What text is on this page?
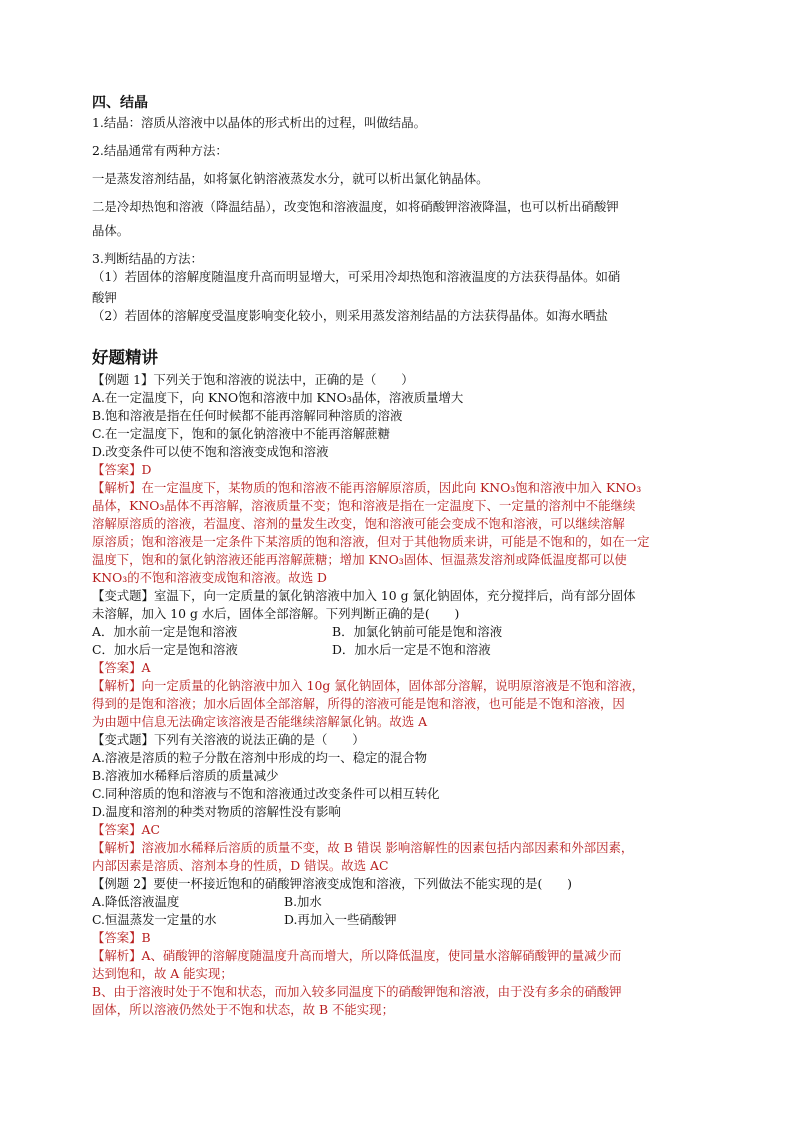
四、结晶

1.结晶：溶质从溶液中以晶体的形式析出的过程，叫做结晶。

2.结晶通常有两种方法：

一是蒸发溶剂结晶，如将氯化钠溶液蒸发水分，就可以析出氯化钠晶体。

二是冷却热饱和溶液（降温结晶），改变饱和溶液温度，如将硝酸钾溶液降温，也可以析出硝酸钾

晶体。

3.判断结晶的方法：

（1）若固体的溶解度随温度升高而明显增大，可采用冷却热饱和溶液温度的方法获得晶体。如硝

酸钾

（2）若固体的溶解度受温度影响变化较小，则采用蒸发溶剂结晶的方法获得晶体。如海水晒盐

好题精讲

【例题 1】下列关于饱和溶液的说法中，正确的是（　　）

A.在一定温度下，向 KNO饱和溶液中加 KNO₃晶体，溶液质量增大

B.饱和溶液是指在任何时候都不能再溶解同种溶质的溶液

C.在一定温度下，饱和的氯化钠溶液中不能再溶解蔗糖

D.改变条件可以使不饱和溶液变成饱和溶液

【答案】D

【解析】在一定温度下，某物质的饱和溶液不能再溶解原溶质，因此向 KNO₃饱和溶液中加入 KNO₃

晶体，KNO₃晶体不再溶解，溶液质量不变；饱和溶液是指在一定温度下、一定量的溶剂中不能继续

溶解原溶质的溶液，若温度、溶剂的量发生改变，饱和溶液可能会变成不饱和溶液，可以继续溶解

原溶质；饱和溶液是一定条件下某溶质的饱和溶液，但对于其他物质来讲，可能是不饱和的，如在一定

温度下，饱和的氯化钠溶液还能再溶解蔗糖；增加 KNO₃固体、恒温蒸发溶剂或降低温度都可以使

KNO₃的不饱和溶液变成饱和溶液。故选 D

【变式题】室温下，向一定质量的氯化钠溶液中加入 10 g 氯化钠固体，充分搅拌后，尚有部分固体

未溶解，加入 10 g 水后，固体全部溶解。下列判断正确的是(　　)

A．加水前一定是饱和溶液	B．加氯化钠前可能是饱和溶液
C．加水后一定是饱和溶液	D．加水后一定是不饱和溶液

【答案】A

【解析】向一定质量的化钠溶液中加入 10g 氯化钠固体，固体部分溶解，说明原溶液是不饱和溶液，

得到的是饱和溶液；加水后固体全部溶解，所得的溶液可能是饱和溶液，也可能是不饱和溶液，因

为由题中信息无法确定该溶液是否能继续溶解氯化钠。故选 A

【变式题】下列有关溶液的说法正确的是（　　）

A.溶液是溶质的粒子分散在溶剂中形成的均一、稳定的混合物

B.溶液加水稀释后溶质的质量减少

C.同种溶质的饱和溶液与不饱和溶液通过改变条件可以相互转化

D.温度和溶剂的种类对物质的溶解性没有影响

【答案】AC

【解析】溶液加水稀释后溶质的质量不变，故 B 错误 影响溶解性的因素包括内部因素和外部因素，

内部因素是溶质、溶剂本身的性质，D 错误。故选 AC

【例题 2】要使一杯接近饱和的硝酸钾溶液变成饱和溶液，下列做法不能实现的是(　　)

A.降低溶液温度	B.加水
C.恒温蒸发一定量的水	D.再加入一些硝酸钾

【答案】B

【解析】A、硝酸钾的溶解度随温度升高而增大，所以降低温度，使同量水溶解硝酸钾的量减少而

达到饱和，故 A 能实现；

B、由于溶液时处于不饱和状态，而加入较多同温度下的硝酸钾饱和溶液，由于没有多余的硝酸钾

固体，所以溶液仍然处于不饱和状态，故 B 不能实现；
